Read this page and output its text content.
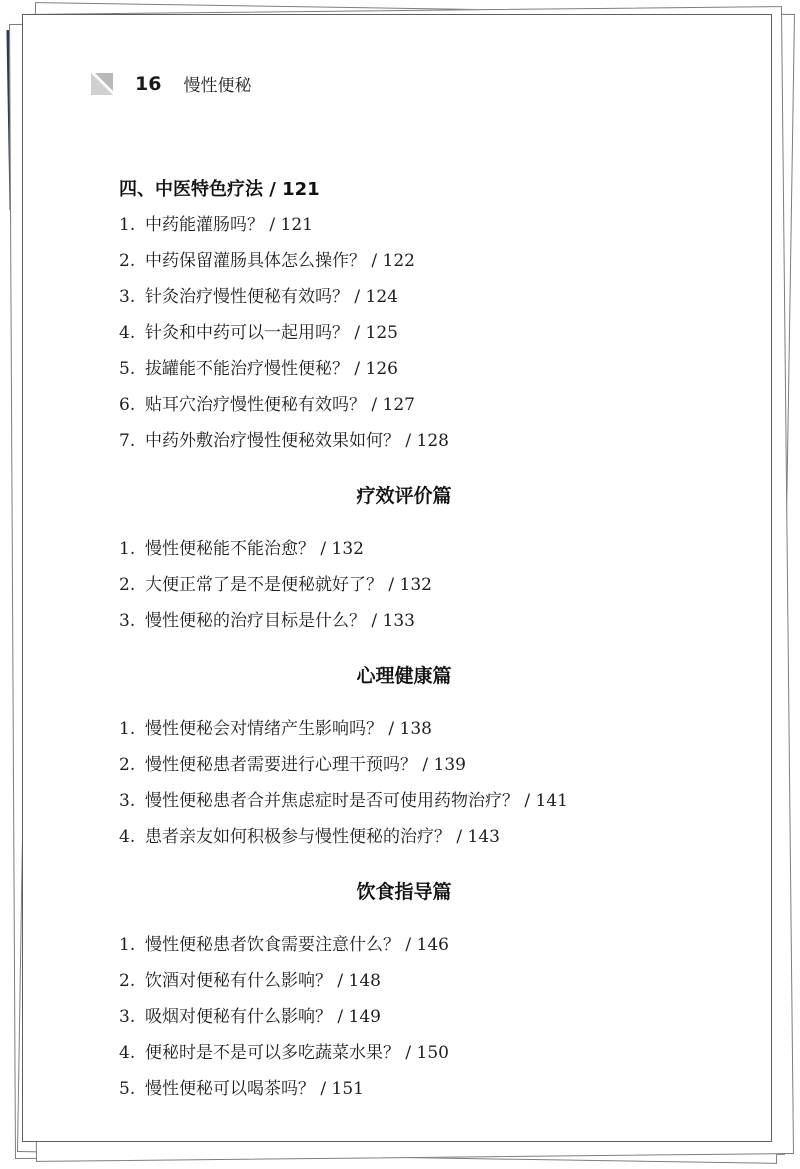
16 慢性便秘
四、中医特色疗法 / 121
1. 中药能灌肠吗？ / 121
2. 中药保留灌肠具体怎么操作？ / 122
3. 针灸治疗慢性便秘有效吗？ / 124
4. 针灸和中药可以一起用吗？ / 125
5. 拔罐能不能治疗慢性便秘？ / 126
6. 贴耳穴治疗慢性便秘有效吗？ / 127
7. 中药外敷治疗慢性便秘效果如何？ / 128
疗效评价篇
1. 慢性便秘能不能治愈？ / 132
2. 大便正常了是不是便秘就好了？ / 132
3. 慢性便秘的治疗目标是什么？ / 133
心理健康篇
1. 慢性便秘会对情绪产生影响吗？ / 138
2. 慢性便秘患者需要进行心理干预吗？ / 139
3. 慢性便秘患者合并焦虑症时是否可使用药物治疗？ / 141
4. 患者亲友如何积极参与慢性便秘的治疗？ / 143
饮食指导篇
1. 慢性便秘患者饮食需要注意什么？ / 146
2. 饮酒对便秘有什么影响？ / 148
3. 吸烟对便秘有什么影响？ / 149
4. 便秘时是不是可以多吃蔬菜水果？ / 150
5. 慢性便秘可以喝茶吗？ / 151
